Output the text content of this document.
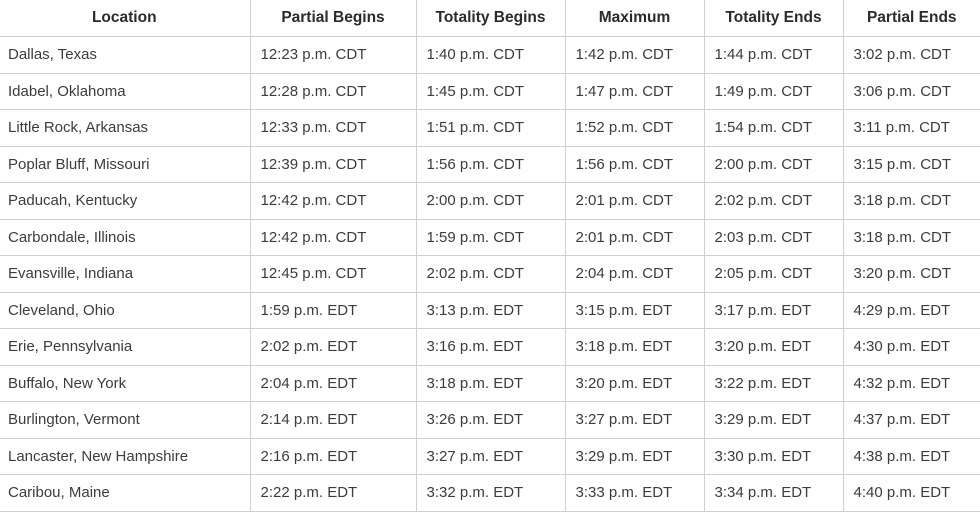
Location	Partial Begins	Totality Begins	Maximum	Totality Ends	Partial Ends
Dallas, Texas	12:23 p.m. CDT	1:40 p.m. CDT	1:42 p.m. CDT	1:44 p.m. CDT	3:02 p.m. CDT
Idabel, Oklahoma	12:28 p.m. CDT	1:45 p.m. CDT	1:47 p.m. CDT	1:49 p.m. CDT	3:06 p.m. CDT
Little Rock, Arkansas	12:33 p.m. CDT	1:51 p.m. CDT	1:52 p.m. CDT	1:54 p.m. CDT	3:11 p.m. CDT
Poplar Bluff, Missouri	12:39 p.m. CDT	1:56 p.m. CDT	1:56 p.m. CDT	2:00 p.m. CDT	3:15 p.m. CDT
Paducah, Kentucky	12:42 p.m. CDT	2:00 p.m. CDT	2:01 p.m. CDT	2:02 p.m. CDT	3:18 p.m. CDT
Carbondale, Illinois	12:42 p.m. CDT	1:59 p.m. CDT	2:01 p.m. CDT	2:03 p.m. CDT	3:18 p.m. CDT
Evansville, Indiana	12:45 p.m. CDT	2:02 p.m. CDT	2:04 p.m. CDT	2:05 p.m. CDT	3:20 p.m. CDT
Cleveland, Ohio	1:59 p.m. EDT	3:13 p.m. EDT	3:15 p.m. EDT	3:17 p.m. EDT	4:29 p.m. EDT
Erie, Pennsylvania	2:02 p.m. EDT	3:16 p.m. EDT	3:18 p.m. EDT	3:20 p.m. EDT	4:30 p.m. EDT
Buffalo, New York	2:04 p.m. EDT	3:18 p.m. EDT	3:20 p.m. EDT	3:22 p.m. EDT	4:32 p.m. EDT
Burlington, Vermont	2:14 p.m. EDT	3:26 p.m. EDT	3:27 p.m. EDT	3:29 p.m. EDT	4:37 p.m. EDT
Lancaster, New Hampshire	2:16 p.m. EDT	3:27 p.m. EDT	3:29 p.m. EDT	3:30 p.m. EDT	4:38 p.m. EDT
Caribou, Maine	2:22 p.m. EDT	3:32 p.m. EDT	3:33 p.m. EDT	3:34 p.m. EDT	4:40 p.m. EDT
